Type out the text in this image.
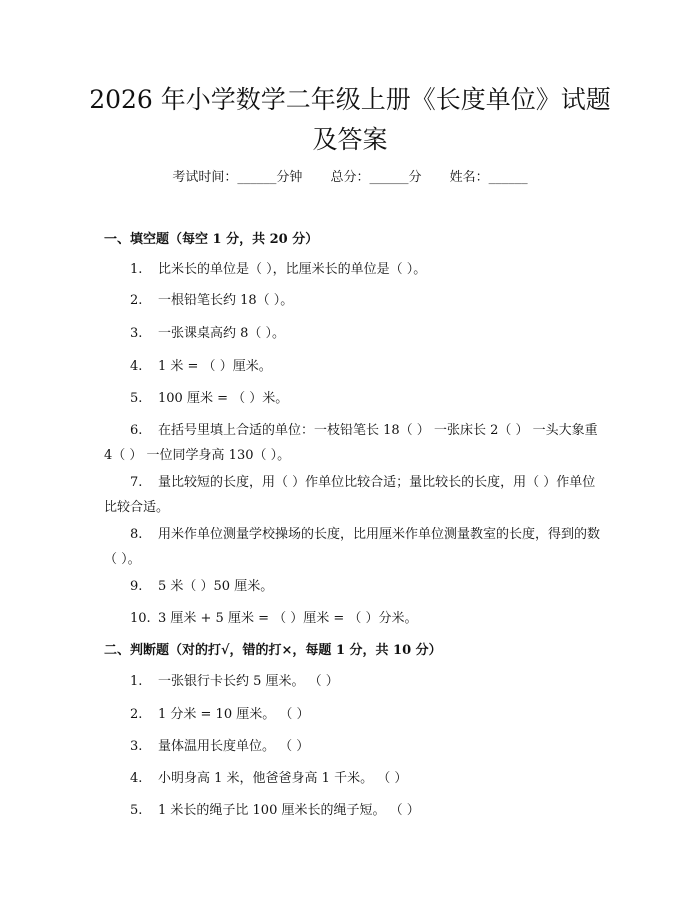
2026 年小学数学二年级上册《长度单位》试题及答案
考试时间：______分钟 总分：______分 姓名：______
一、填空题（每空 1 分，共 20 分）
1. 比米长的单位是（ ），比厘米长的单位是（ ）。
2. 一根铅笔长约 18（ ）。
3. 一张课桌高约 8（ ）。
4. 1 米 = （ ）厘米。
5. 100 厘米 = （ ）米。
6. 在括号里填上合适的单位：一枝铅笔长 18（ ） 一张床长 2（ ） 一头大象重 4（ ） 一位同学身高 130（ ）。
7. 量比较短的长度，用（ ）作单位比较合适；量比较长的长度，用（ ）作单位比较合适。
8. 用米作单位测量学校操场的长度，比用厘米作单位测量教室的长度，得到的数（ ）。
9. 5 米（ ）50 厘米。
10. 3 厘米 + 5 厘米 = （ ）厘米 = （ ）分米。
二、判断题（对的打√，错的打×，每题 1 分，共 10 分）
1. 一张银行卡长约 5 厘米。 （ ）
2. 1 分米 = 10 厘米。 （ ）
3. 量体温用长度单位。 （ ）
4. 小明身高 1 米，他爸爸身高 1 千米。 （ ）
5. 1 米长的绳子比 100 厘米长的绳子短。 （ ）
